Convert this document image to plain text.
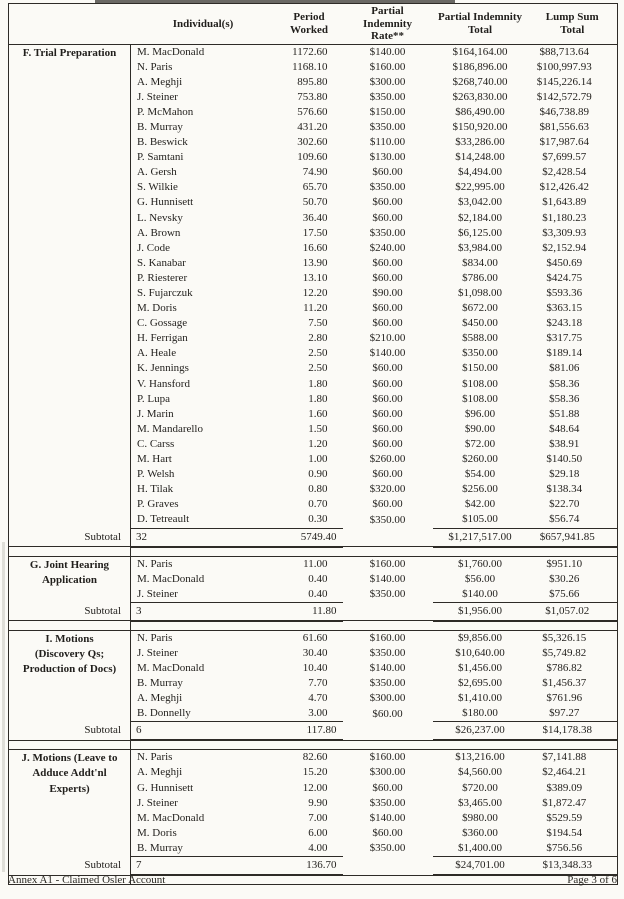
	Individual(s)	Period Worked	Partial Indemnity Rate**	Partial Indemnity Total	Lump Sum Total

F. Trial Preparation	M. MacDonald	1172.60	$140.00	$164,164.00	$88,713.64
	N. Paris	1168.10	$160.00	$186,896.00	$100,997.93
	A. Meghji	895.80	$300.00	$268,740.00	$145,226.14
	J. Steiner	753.80	$350.00	$263,830.00	$142,572.79
	P. McMahon	576.60	$150.00	$86,490.00	$46,738.89
	B. Murray	431.20	$350.00	$150,920.00	$81,556.63
	B. Beswick	302.60	$110.00	$33,286.00	$17,987.64
	P. Samtani	109.60	$130.00	$14,248.00	$7,699.57
	A. Gersh	74.90	$60.00	$4,494.00	$2,428.54
	S. Wilkie	65.70	$350.00	$22,995.00	$12,426.42
	G. Hunnisett	50.70	$60.00	$3,042.00	$1,643.89
	L. Nevsky	36.40	$60.00	$2,184.00	$1,180.23
	A. Brown	17.50	$350.00	$6,125.00	$3,309.93
	J. Code	16.60	$240.00	$3,984.00	$2,152.94
	S. Kanabar	13.90	$60.00	$834.00	$450.69
	P. Riesterer	13.10	$60.00	$786.00	$424.75
	S. Fujarczuk	12.20	$90.00	$1,098.00	$593.36
	M. Doris	11.20	$60.00	$672.00	$363.15
	C. Gossage	7.50	$60.00	$450.00	$243.18
	H. Ferrigan	2.80	$210.00	$588.00	$317.75
	A. Heale	2.50	$140.00	$350.00	$189.14
	K. Jennings	2.50	$60.00	$150.00	$81.06
	V. Hansford	1.80	$60.00	$108.00	$58.36
	P. Lupa	1.80	$60.00	$108.00	$58.36
	J. Marin	1.60	$60.00	$96.00	$51.88
	M. Mandarello	1.50	$60.00	$90.00	$48.64
	C. Carss	1.20	$60.00	$72.00	$38.91
	M. Hart	1.00	$260.00	$260.00	$140.50
	P. Welsh	0.90	$60.00	$54.00	$29.18
	H. Tilak	0.80	$320.00	$256.00	$138.34
	P. Graves	0.70	$60.00	$42.00	$22.70
	D. Tetreault	0.30	$350.00	$105.00	$56.74
Subtotal	32	5749.40		$1,217,517.00	$657,941.85

G. Joint Hearing
Application	N. Paris	11.00	$160.00	$1,760.00	$951.10
	M. MacDonald	0.40	$140.00	$56.00	$30.26
	J. Steiner	0.40	$350.00	$140.00	$75.66
Subtotal	3	11.80		$1,956.00	$1,057.02

I. Motions
(Discovery Qs;
Production of Docs)	N. Paris	61.60	$160.00	$9,856.00	$5,326.15
	J. Steiner	30.40	$350.00	$10,640.00	$5,749.82
	M. MacDonald	10.40	$140.00	$1,456.00	$786.82
	B. Murray	7.70	$350.00	$2,695.00	$1,456.37
	A. Meghji	4.70	$300.00	$1,410.00	$761.96
	B. Donnelly	3.00	$60.00	$180.00	$97.27
Subtotal	6	117.80		$26,237.00	$14,178.38

J. Motions (Leave to
Adduce Addt'nl
Experts)	N. Paris	82.60	$160.00	$13,216.00	$7,141.88
	A. Meghji	15.20	$300.00	$4,560.00	$2,464.21
	G. Hunnisett	12.00	$60.00	$720.00	$389.09
	J. Steiner	9.90	$350.00	$3,465.00	$1,872.47
	M. MacDonald	7.00	$140.00	$980.00	$529.59
	M. Doris	6.00	$60.00	$360.00	$194.54
	B. Murray	4.00	$350.00	$1,400.00	$756.56
Subtotal	7	136.70		$24,701.00	$13,348.33

Annex A1 - Claimed Osler Account	Page 3 of 6
